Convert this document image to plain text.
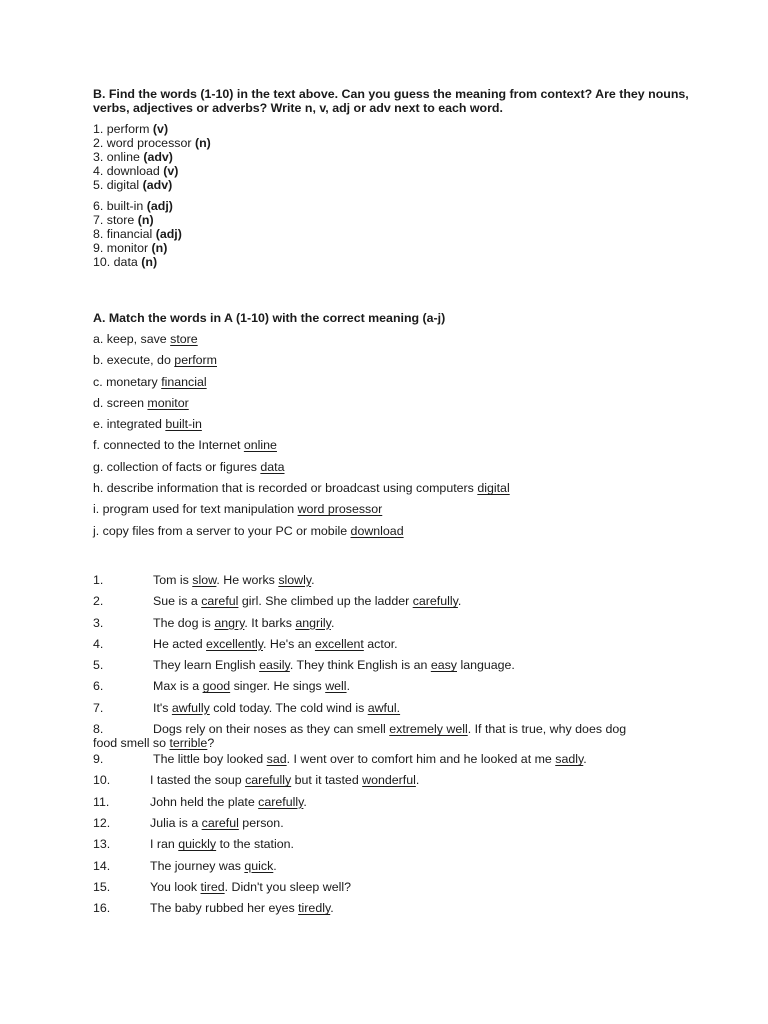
B. Find the words (1-10) in the text above. Can you guess the meaning from context? Are they nouns, verbs, adjectives or adverbs? Write n, v, adj or adv next to each word.
1. perform (v)
2. word processor (n)
3. online (adv)
4. download (v)
5. digital (adv)
6. built-in (adj)
7. store (n)
8. financial (adj)
9. monitor (n)
10. data (n)
A. Match the words in A (1-10) with the correct meaning (a-j)
a. keep, save store
b. execute, do perform
c. monetary financial
d. screen monitor
e. integrated built-in
f. connected to the Internet online
g. collection of facts or figures data
h. describe information that is recorded or broadcast using computers digital
i. program used for text manipulation word prosessor
j. copy files from a server to your PC or mobile download
1.	Tom is slow. He works slowly.
2.	Sue is a careful girl. She climbed up the ladder carefully.
3.	The dog is angry. It barks angrily.
4.	He acted excellently. He's an excellent actor.
5.	They learn English easily. They think English is an easy language.
6.	Max is a good singer. He sings well.
7.	It's awfully cold today. The cold wind is awful.
8.	Dogs rely on their noses as they can smell extremely well. If that is true, why does dog
food smell so terrible?
9.	The little boy looked sad. I went over to comfort him and he looked at me sadly.
10.	I tasted the soup carefully but it tasted wonderful.
11.	John held the plate carefully.
12.	Julia is a careful person.
13.	I ran quickly to the station.
14.	The journey was quick.
15.	You look tired. Didn't you sleep well?
16.	The baby rubbed her eyes tiredly.
